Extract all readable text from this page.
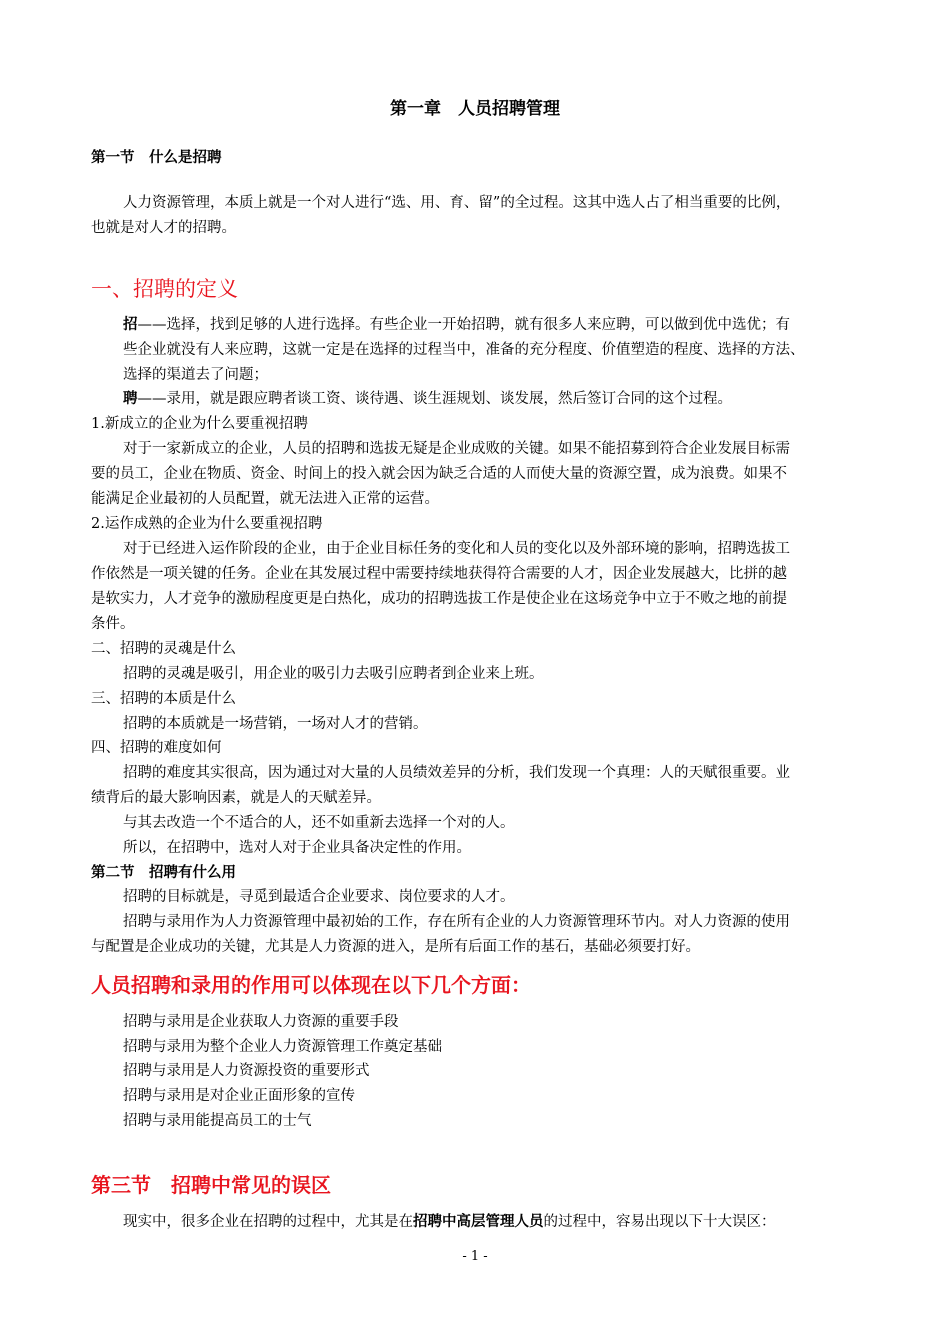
第一章　人员招聘管理
第一节　什么是招聘
人力资源管理，本质上就是一个对人进行“选、用、育、留”的全过程。这其中选人占了相当重要的比例，
也就是对人才的招聘。
一、招聘的定义
招——选择，找到足够的人进行选择。有些企业一开始招聘，就有很多人来应聘，可以做到优中选优；有
些企业就没有人来应聘，这就一定是在选择的过程当中，准备的充分程度、价值塑造的程度、选择的方法、
选择的渠道去了问题；
聘——录用，就是跟应聘者谈工资、谈待遇、谈生涯规划、谈发展，然后签订合同的这个过程。
1.新成立的企业为什么要重视招聘
对于一家新成立的企业，人员的招聘和选拔无疑是企业成败的关键。如果不能招募到符合企业发展目标需
要的员工，企业在物质、资金、时间上的投入就会因为缺乏合适的人而使大量的资源空置，成为浪费。如果不
能满足企业最初的人员配置，就无法进入正常的运营。
2.运作成熟的企业为什么要重视招聘
对于已经进入运作阶段的企业，由于企业目标任务的变化和人员的变化以及外部环境的影响，招聘选拔工
作依然是一项关键的任务。企业在其发展过程中需要持续地获得符合需要的人才，因企业发展越大，比拼的越
是软实力，人才竞争的激励程度更是白热化，成功的招聘选拔工作是使企业在这场竞争中立于不败之地的前提
条件。
二、招聘的灵魂是什么
招聘的灵魂是吸引，用企业的吸引力去吸引应聘者到企业来上班。
三、招聘的本质是什么
招聘的本质就是一场营销，一场对人才的营销。
四、招聘的难度如何
招聘的难度其实很高，因为通过对大量的人员绩效差异的分析，我们发现一个真理：人的天赋很重要。业
绩背后的最大影响因素，就是人的天赋差异。
与其去改造一个不适合的人，还不如重新去选择一个对的人。
所以，在招聘中，选对人对于企业具备决定性的作用。
第二节　招聘有什么用
招聘的目标就是，寻觅到最适合企业要求、岗位要求的人才。
招聘与录用作为人力资源管理中最初始的工作，存在所有企业的人力资源管理环节内。对人力资源的使用
与配置是企业成功的关键，尤其是人力资源的进入，是所有后面工作的基石，基础必须要打好。
人员招聘和录用的作用可以体现在以下几个方面：
招聘与录用是企业获取人力资源的重要手段
招聘与录用为整个企业人力资源管理工作奠定基础
招聘与录用是人力资源投资的重要形式
招聘与录用是对企业正面形象的宣传
招聘与录用能提高员工的士气
第三节　招聘中常见的误区
现实中，很多企业在招聘的过程中，尤其是在招聘中高层管理人员的过程中，容易出现以下十大误区：
- 1 -
